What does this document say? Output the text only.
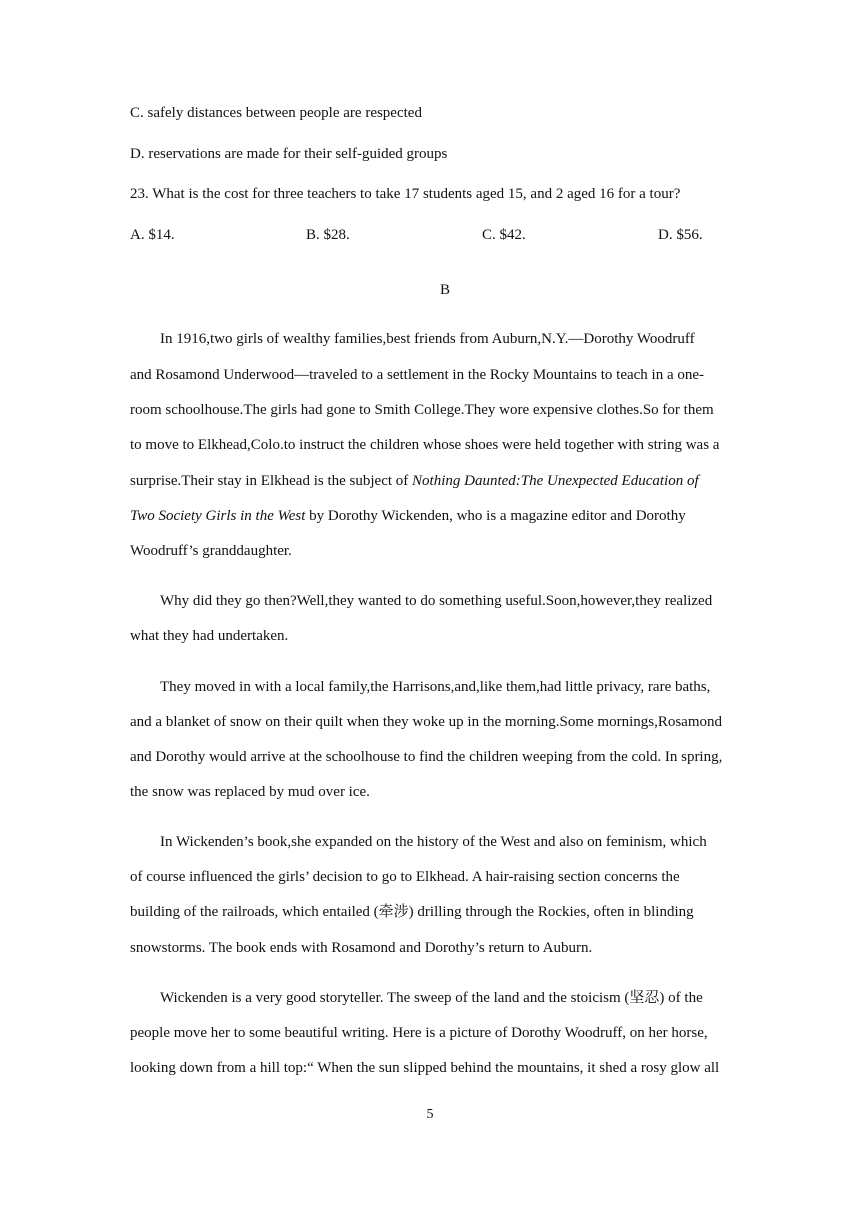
C. safely distances between people are respected
D. reservations are made for their self-guided groups
23. What is the cost for three teachers to take 17 students aged 15, and 2 aged 16 for a tour?
A. $14.	B. $28.	C. $42.	D. $56.
B
In 1916,two girls of wealthy families,best friends from Auburn,N.Y.—Dorothy Woodruff
and Rosamond Underwood—traveled to a settlement in the Rocky Mountains to teach in a one-
room schoolhouse.The girls had gone to Smith College.They wore expensive clothes.So for them
to move to Elkhead,Colo.to instruct the children whose shoes were held together with string was a
surprise.Their stay in Elkhead is the subject of Nothing Daunted:The Unexpected Education of
Two Society Girls in the West by Dorothy Wickenden, who is a magazine editor and Dorothy
Woodruff’s granddaughter.
Why did they go then?Well,they wanted to do something useful.Soon,however,they realized
what they had undertaken.
They moved in with a local family,the Harrisons,and,like them,had little privacy, rare baths,
and a blanket of snow on their quilt when they woke up in the morning.Some mornings,Rosamond
and Dorothy would arrive at the schoolhouse to find the children weeping from the cold. In spring,
the snow was replaced by mud over ice.
In Wickenden’s book,she expanded on the history of the West and also on feminism, which
of course influenced the girls’ decision to go to Elkhead. A hair-raising section concerns the
building of the railroads, which entailed (牵涉) drilling through the Rockies, often in blinding
snowstorms. The book ends with Rosamond and Dorothy’s return to Auburn.
Wickenden is a very good storyteller. The sweep of the land and the stoicism (坚忍) of the
people move her to some beautiful writing. Here is a picture of Dorothy Woodruff, on her horse,
looking down from a hill top:“ When the sun slipped behind the mountains, it shed a rosy glow all
5
